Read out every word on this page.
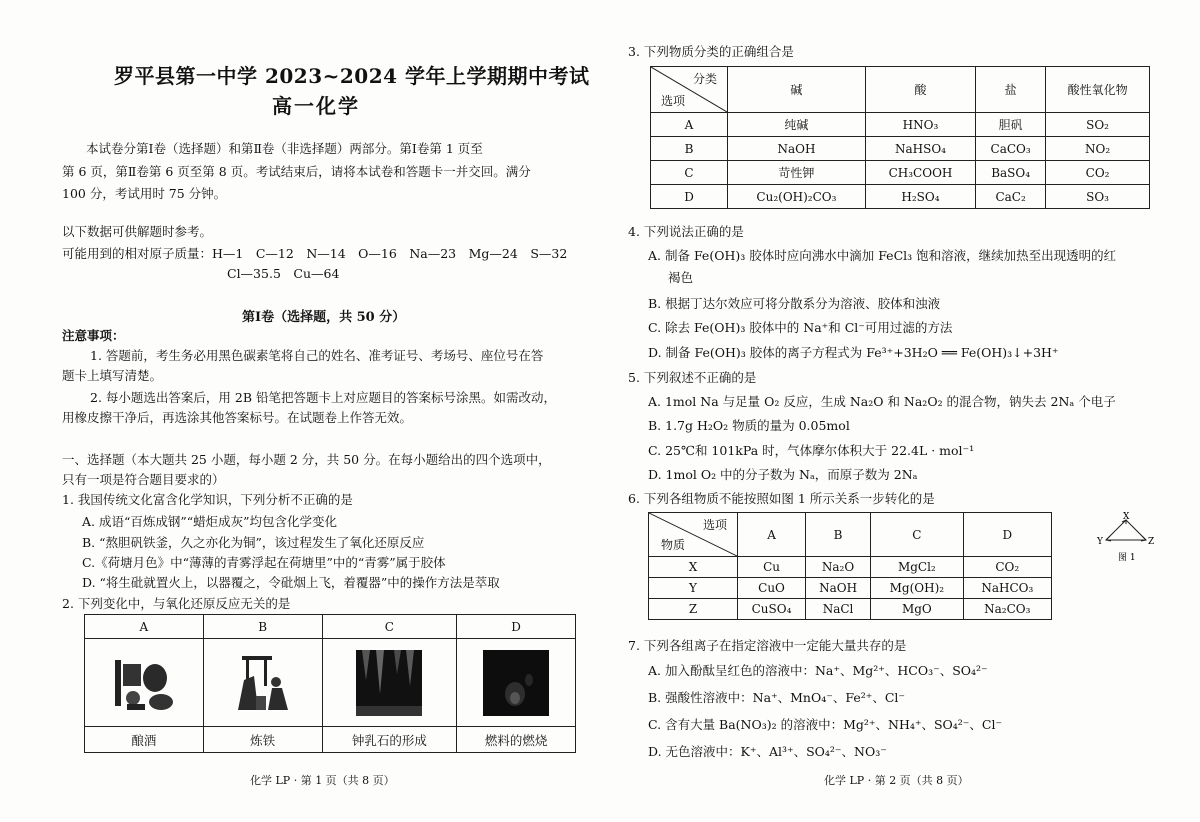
罗平县第一中学 2023~2024 学年上学期期中考试
高一化学
本试卷分第Ⅰ卷（选择题）和第Ⅱ卷（非选择题）两部分。第Ⅰ卷第 1 页至
第 6 页，第Ⅱ卷第 6 页至第 8 页。考试结束后，请将本试卷和答题卡一并交回。满分
100 分，考试用时 75 分钟。
以下数据可供解题时参考。
可能用到的相对原子质量：H—1　C—12　N—14　O—16　Na—23　Mg—24　S—32
Cl—35.5　Cu—64
第Ⅰ卷（选择题，共 50 分）
注意事项：
1. 答题前，考生务必用黑色碳素笔将自己的姓名、准考证号、考场号、座位号在答
题卡上填写清楚。
2. 每小题选出答案后，用 2B 铅笔把答题卡上对应题目的答案标号涂黑。如需改动，
用橡皮擦干净后，再选涂其他答案标号。在试题卷上作答无效。
一、选择题（本大题共 25 小题，每小题 2 分，共 50 分。在每小题给出的四个选项中，
只有一项是符合题目要求的）
1. 我国传统文化富含化学知识，下列分析不正确的是
A. 成语“百炼成钢”“蜡炬成灰”均包含化学变化
B. “熬胆矾铁釜，久之亦化为铜”，该过程发生了氧化还原反应
C.《荷塘月色》中“薄薄的青雾浮起在荷塘里”中的“青雾”属于胶体
D. “将生砒就置火上，以器覆之，令砒烟上飞，着覆器”中的操作方法是萃取
2. 下列变化中，与氧化还原反应无关的是
A	B	C	D

酿酒	炼铁	钟乳石的形成	燃料的燃烧
化学 LP · 第 1 页（共 8 页）
3. 下列物质分类的正确组合是
分类
选项	碱	酸	盐	酸性氧化物
A	纯碱	HNO₃	胆矾	SO₂
B	NaOH	NaHSO₄	CaCO₃	NO₂
C	苛性钾	CH₃COOH	BaSO₄	CO₂
D	Cu₂(OH)₂CO₃	H₂SO₄	CaC₂	SO₃
4. 下列说法正确的是
A. 制备 Fe(OH)₃ 胶体时应向沸水中滴加 FeCl₃ 饱和溶液，继续加热至出现透明的红
褐色
B. 根据丁达尔效应可将分散系分为溶液、胶体和浊液
C. 除去 Fe(OH)₃ 胶体中的 Na⁺和 Cl⁻可用过滤的方法
D. 制备 Fe(OH)₃ 胶体的离子方程式为 Fe³⁺+3H₂O ══ Fe(OH)₃↓+3H⁺
5. 下列叙述不正确的是
A. 1mol Na 与足量 O₂ 反应，生成 Na₂O 和 Na₂O₂ 的混合物，钠失去 2Nₐ 个电子
B. 1.7g H₂O₂ 物质的量为 0.05mol
C. 25℃和 101kPa 时，气体摩尔体积大于 22.4L · mol⁻¹
D. 1mol O₂ 中的分子数为 Nₐ，而原子数为 2Nₐ
6. 下列各组物质不能按照如图 1 所示关系一步转化的是
选项
物质	A	B	C	D
X	Cu	Na₂O	MgCl₂	CO₂
Y	CuO	NaOH	Mg(OH)₂	NaHCO₃
Z	CuSO₄	NaCl	MgO	Na₂CO₃
X
Y	Z
图 1
7. 下列各组离子在指定溶液中一定能大量共存的是
A. 加入酚酞呈红色的溶液中：Na⁺、Mg²⁺、HCO₃⁻、SO₄²⁻
B. 强酸性溶液中：Na⁺、MnO₄⁻、Fe²⁺、Cl⁻
C. 含有大量 Ba(NO₃)₂ 的溶液中：Mg²⁺、NH₄⁺、SO₄²⁻、Cl⁻
D. 无色溶液中：K⁺、Al³⁺、SO₄²⁻、NO₃⁻
化学 LP · 第 2 页（共 8 页）
